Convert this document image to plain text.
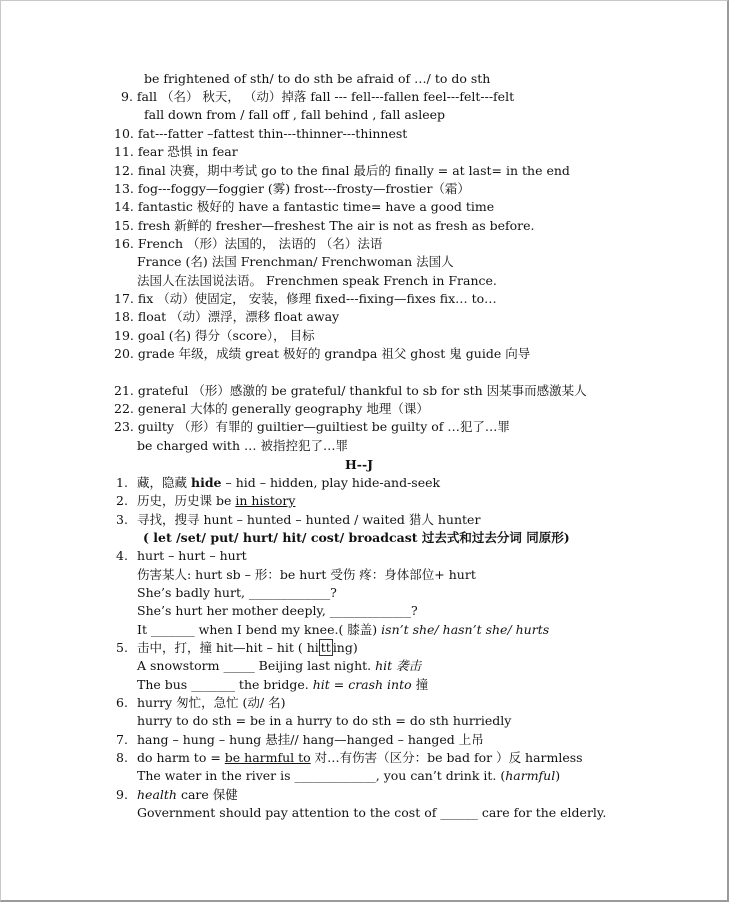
be frightened of sth/ to do sth be afraid of …/ to do sth
9. fall （名） 秋天， （动）掉落 fall --- fell---fallen feel---felt---felt
fall down from / fall off , fall behind , fall asleep
10. fat---fatter –fattest thin---thinner---thinnest
11. fear 恐惧 in fear
12. final 决赛，期中考试 go to the final 最后的 finally = at last= in the end
13. fog---foggy—foggier (雾) frost---frosty—frostier（霜）
14. fantastic 极好的 have a fantastic time= have a good time
15. fresh 新鲜的 fresher—freshest The air is not as fresh as before.
16. French （形）法国的， 法语的 （名）法语
France (名) 法国 Frenchman/ Frenchwoman 法国人
法国人在法国说法语。 Frenchmen speak French in France.
17. fix （动）使固定， 安装，修理 fixed---fixing—fixes fix… to…
18. float （动）漂浮，漂移 float away
19. goal (名) 得分（score）， 目标
20. grade 年级，成绩 great 极好的 grandpa 祖父 ghost 鬼 guide 向导
21. grateful （形）感激的 be grateful/ thankful to sb for sth 因某事而感激某人
22. general 大体的 generally geography 地理（课）
23. guilty （形）有罪的 guiltier—guiltiest be guilty of …犯了…罪
be charged with … 被指控犯了…罪
H--J
1. 藏，隐藏 hide – hid – hidden, play hide-and-seek
2. 历史，历史课 be in history
3. 寻找，搜寻 hunt – hunted – hunted / waited 猎人 hunter
( let /set/ put/ hurt/ hit/ cost/ broadcast 过去式和过去分词 同原形)
4. hurt – hurt – hurt
伤害某人: hurt sb – 形：be hurt 受伤 疼：身体部位+ hurt
She’s badly hurt, _____________?
She’s hurt her mother deeply, _____________?
It _______ when I bend my knee.( 膝盖) isn’t she/ hasn’t she/ hurts
5. 击中，打，撞 hit—hit – hit ( hi tt ing)
A snowstorm _____ Beijing last night. hit 袭击
The bus _______ the bridge. hit = crash into 撞
6. hurry 匆忙，急忙 (动/ 名)
hurry to do sth = be in a hurry to do sth = do sth hurriedly
7. hang – hung – hung 悬挂// hang—hanged – hanged 上吊
8. do harm to = be harmful to 对…有伤害（区分：be bad for ）反 harmless
The water in the river is _____________, you can’t drink it. (harmful)
9. health care 保健
Government should pay attention to the cost of ______ care for the elderly.
